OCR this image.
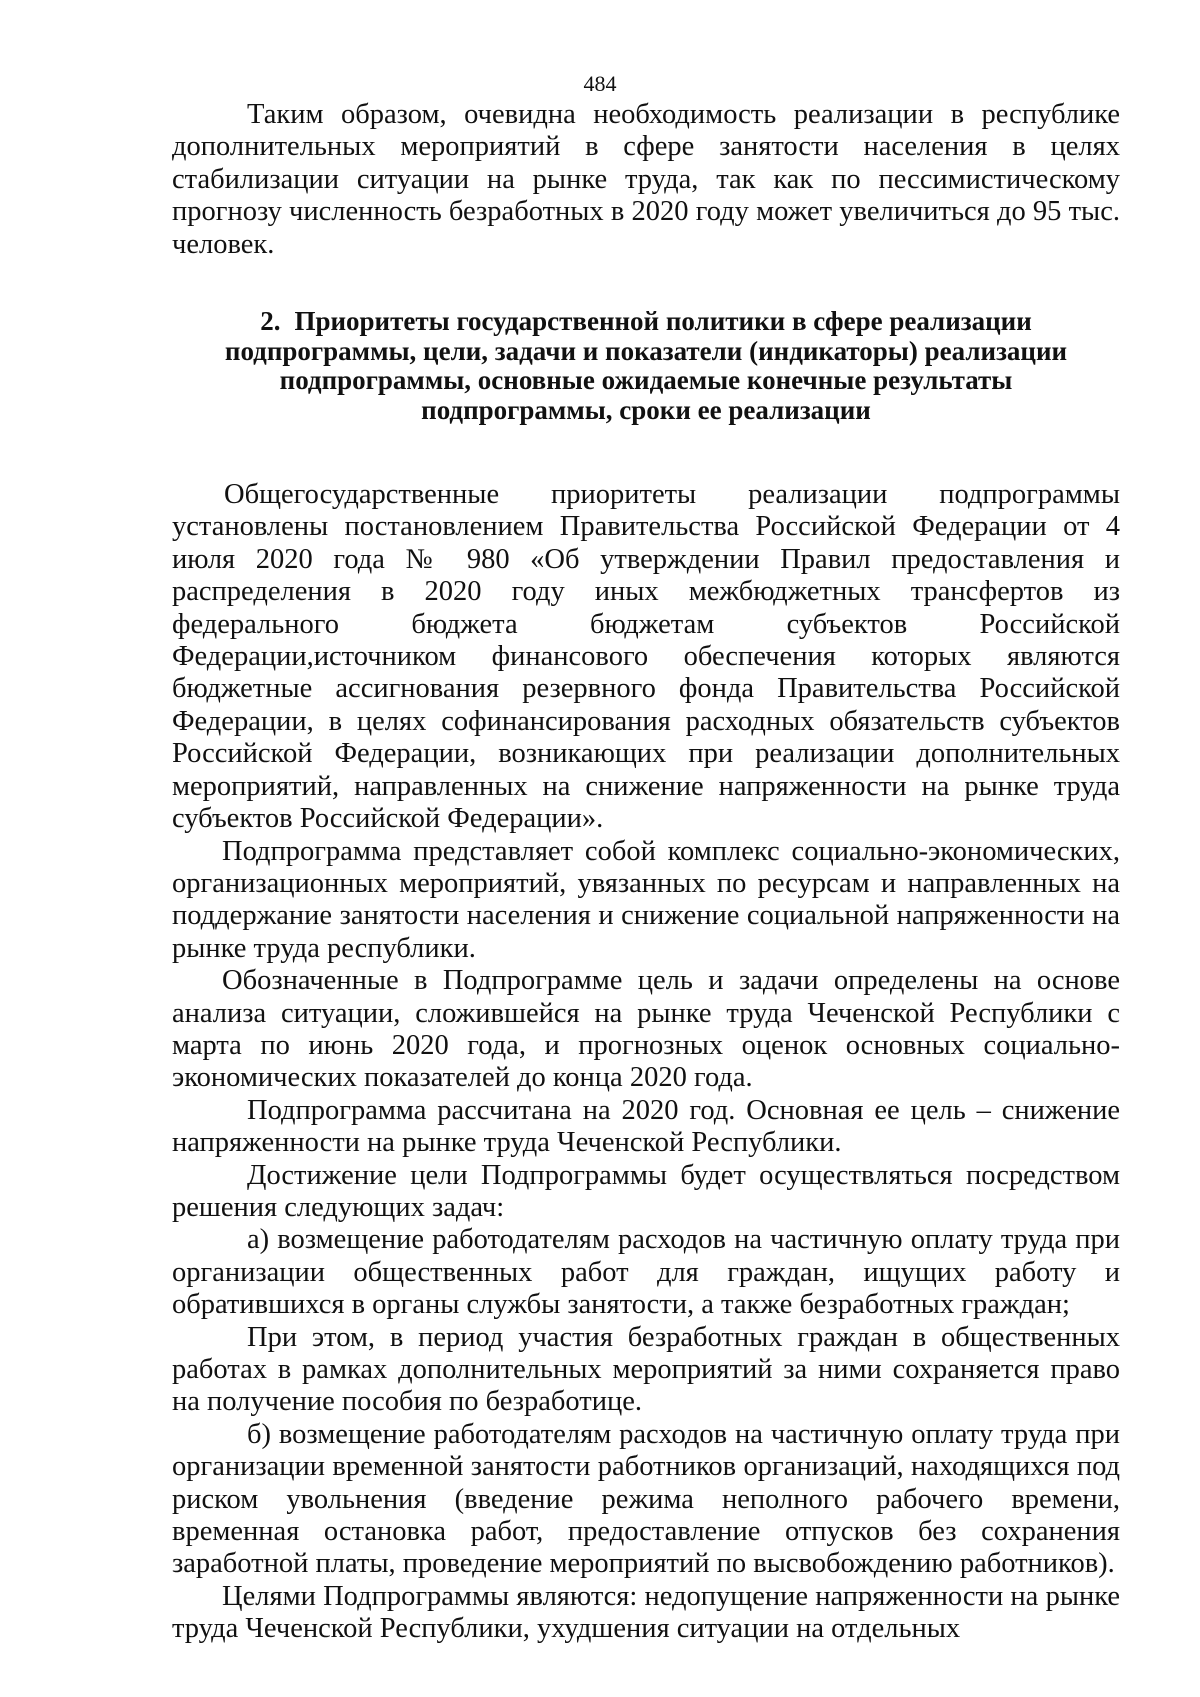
484

Таким образом, очевидна необходимость реализации в республике дополнительных мероприятий в сфере занятости населения в целях стабилизации ситуации на рынке труда, так как по пессимистическому прогнозу численность безработных в 2020 году может увеличиться до 95 тыс. человек.

2. Приоритеты государственной политики в сфере реализации подпрограммы, цели, задачи и показатели (индикаторы) реализации подпрограммы, основные ожидаемые конечные результаты подпрограммы, сроки ее реализации

Общегосударственные приоритеты реализации подпрограммы установлены постановлением Правительства Российской Федерации от 4 июля 2020 года № 980 «Об утверждении Правил предоставления и распределения в 2020 году иных межбюджетных трансфертов из федерального бюджета бюджетам субъектов Российской Федерации,источником финансового обеспечения которых являются бюджетные ассигнования резервного фонда Правительства Российской Федерации, в целях софинансирования расходных обязательств субъектов Российской Федерации, возникающих при реализации дополнительных мероприятий, направленных на снижение напряженности на рынке труда субъектов Российской Федерации».

Подпрограмма представляет собой комплекс социально-экономических, организационных мероприятий, увязанных по ресурсам и направленных на поддержание занятости населения и снижение социальной напряженности на рынке труда республики.

Обозначенные в Подпрограмме цель и задачи определены на основе анализа ситуации, сложившейся на рынке труда Чеченской Республики с марта по июнь 2020 года, и прогнозных оценок основных социально-экономических показателей до конца 2020 года.

Подпрограмма рассчитана на 2020 год. Основная ее цель – снижение напряженности на рынке труда Чеченской Республики.

Достижение цели Подпрограммы будет осуществляться посредством решения следующих задач:

а) возмещение работодателям расходов на частичную оплату труда при организации общественных работ для граждан, ищущих работу и обратившихся в органы службы занятости, а также безработных граждан;

При этом, в период участия безработных граждан в общественных работах в рамках дополнительных мероприятий за ними сохраняется право на получение пособия по безработице.

б) возмещение работодателям расходов на частичную оплату труда при организации временной занятости работников организаций, находящихся под риском увольнения (введение режима неполного рабочего времени, временная остановка работ, предоставление отпусков без сохранения заработной платы, проведение мероприятий по высвобождению работников).

Целями Подпрограммы являются: недопущение напряженности на рынке труда Чеченской Республики, ухудшения ситуации на отдельных
